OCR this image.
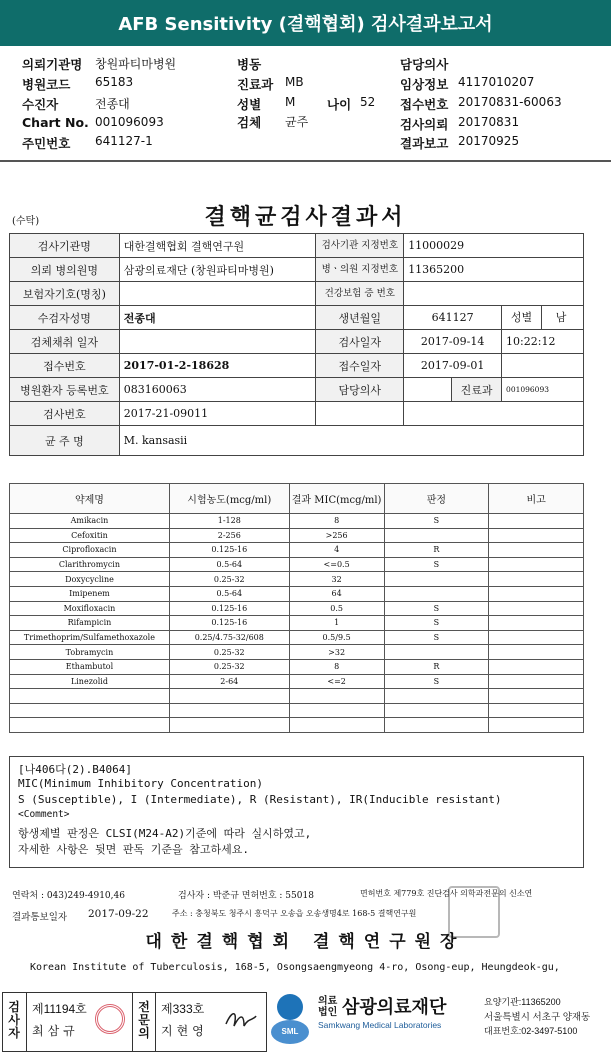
AFB Sensitivity (결핵협회) 검사결과보고서
의뢰기관명 창원파티마병원	병동	담당의사
병원코드 65183	진료과 MB	임상정보 4117010207
수진자	전종대	성별 M	나이 52 접수번호 20170831-60063
Chart No. 001096093	검체 균주	검사의뢰 20170831
주민번호 641127-1	결과보고 20170925
(수탁)	결핵균검사결과서
검사기관명	대한결핵협회 결핵연구원	검사기관 지정번호	11000029		
의뢰 병의원명	삼광의료재단 (창원파티마병원)	병ㆍ의원 지정번호	11365200		
보험자기호(명칭)		건강보험 증 번호			
수검자성명	전종대	생년월일	641127		성별 남
검체채취 일자		검사일자	2017-09-14		10:22:12
접수번호	2017-01-2-18628	접수일자	2017-09-01		
병원환자 등록번호	083160063	담당의사		진료과	001096093
검사번호	2017-21-09011				
균 주 명	M. kansasii				
약제명	시험농도(mcg/ml)	결과 MIC(mcg/ml)	판정	비고
Amikacin	1-128	8	S	
Cefoxitin	2-256	>256		
Ciprofloxacin	0.125-16	4	R	
Clarithromycin	0.5-64	<=0.5	S	
Doxycycline	0.25-32	32		
Imipenem	0.5-64	64		
Moxifloxacin	0.125-16	0.5	S	
Rifampicin	0.125-16	1	S	
Trimethoprim/Sulfamethoxazole	0.25/4.75-32/608	0.5/9.5	S	
Tobramycin	0.25-32	>32		
Ethambutol	0.25-32	8	R	
Linezolid	2-64	<=2	S	

[나406다(2).B4064]
MIC(Minimum Inhibitory Concentration)
S (Susceptible), I (Intermediate), R (Resistant), IR(Inducible resistant)
<Comment>
항생제별 판정은 CLSI(M24-A2)기준에 따라 실시하였고,
자세한 사항은 뒷면 판독 기준을 참고하세요.
연락처 : 043)249-4910,46	검사자 : 박준규 면허번호 : 55018	면허번호 제779호 진단검사 의학과전문의 신소연
결과통보일자 2017-09-22	주소 : 충청북도 청주시 흥덕구 오송읍 오송생명4로 168-5 결핵연구원
대한결핵협회 결핵연구원장
Korean Institute of Tuberculosis, 168-5, Osongsaengmyeong 4-ro, Osong-eup, Heungdeok-gu,
검사자
제11194호
최삼규
전문의
제333호
지현영	SML
의료법인 삼광의료재단
Samkwang Medical Laboratories
요양기관:11365200
서울특별시 서초구 양재동
대표번호:02-3497-5100
